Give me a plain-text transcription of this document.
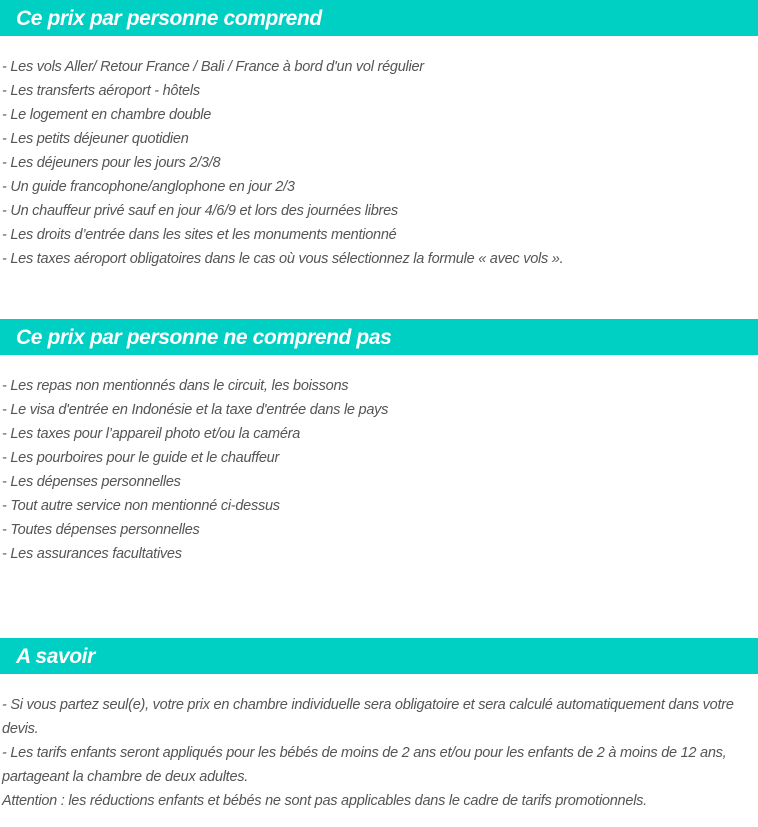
Ce prix par personne comprend
- Les vols Aller/ Retour France / Bali / France à bord d'un vol régulier
- Les transferts aéroport - hôtels
- Le logement en chambre double
- Les petits déjeuner quotidien
- Les déjeuners pour les jours 2/3/8
- Un guide francophone/anglophone en jour 2/3
- Un chauffeur privé sauf en jour 4/6/9 et lors des journées libres
- Les droits d’entrée dans les sites et les monuments mentionné
- Les taxes aéroport obligatoires dans le cas où vous sélectionnez la formule « avec vols ».
Ce prix par personne ne comprend pas
- Les repas non mentionnés dans le circuit, les boissons
- Le visa d'entrée en Indonésie et la taxe d'entrée dans le pays
- Les taxes pour l’appareil photo et/ou la caméra
- Les pourboires pour le guide et le chauffeur
- Les dépenses personnelles
- Tout autre service non mentionné ci-dessus
- Toutes dépenses personnelles
- Les assurances facultatives
A savoir
- Si vous partez seul(e), votre prix en chambre individuelle sera obligatoire et sera calculé automatiquement dans votre devis.
- Les tarifs enfants seront appliqués pour les bébés de moins de 2 ans et/ou pour les enfants de 2 à moins de 12 ans, partageant la chambre de deux adultes.
Attention : les réductions enfants et bébés ne sont pas applicables dans le cadre de tarifs promotionnels.
